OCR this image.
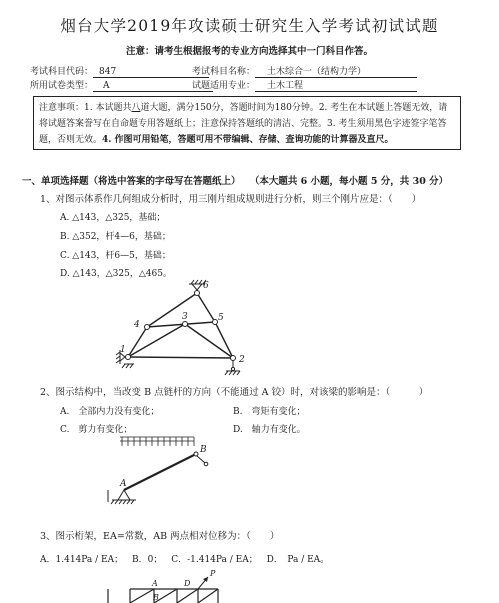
烟台大学2019年攻读硕士研究生入学考试初试试题
注意：请考生根据报考的专业方向选择其中一门科目作答。
考试科目代码： 847	考试科目名称： 土木综合一（结构力学）
所用试卷类型： A	试题适用专业： 土木工程
注意事项：1. 本试题共八道大题，满分150分，答题时间为180分钟。2. 考生在本试题上答题无效，请将试题答案誊写在自命题专用答题纸上；注意保持答题纸的清洁、完整。3. 考生须用黑色字迹签字笔答题，否则无效。4. 作图可用铅笔，答题可用不带编辑、存储、查询功能的计算器及直尺。
一、单项选择题（将选中答案的字母写在答题纸上） （本大题共 6 小题，每小题 5 分，共 30 分）
1、对图示体系作几何组成分析时，用三刚片组成规则进行分析，则三个刚片应是：（　　）
A. △143，△325，基础；
B. △352，杆4—6，基础；
C. △143，杆6—5，基础；
D. △143，△325，△465。
1
2
3
4
5
6
2、图示结构中，当改变 B 点链杆的方向（不能通过 A 铰）时，对该梁的影响是：（　　　）
A.　全部内力没有变化；	B.　弯矩有变化；
C.　剪力有变化；	D.　轴力有变化。
A
B
3、图示桁架，EA=常数，AB 两点相对位移为：（　　）
A．1.414Pa / EA； B．0； C．-1.414Pa / EA； D．　Pa / EA。
A
B
D
P
